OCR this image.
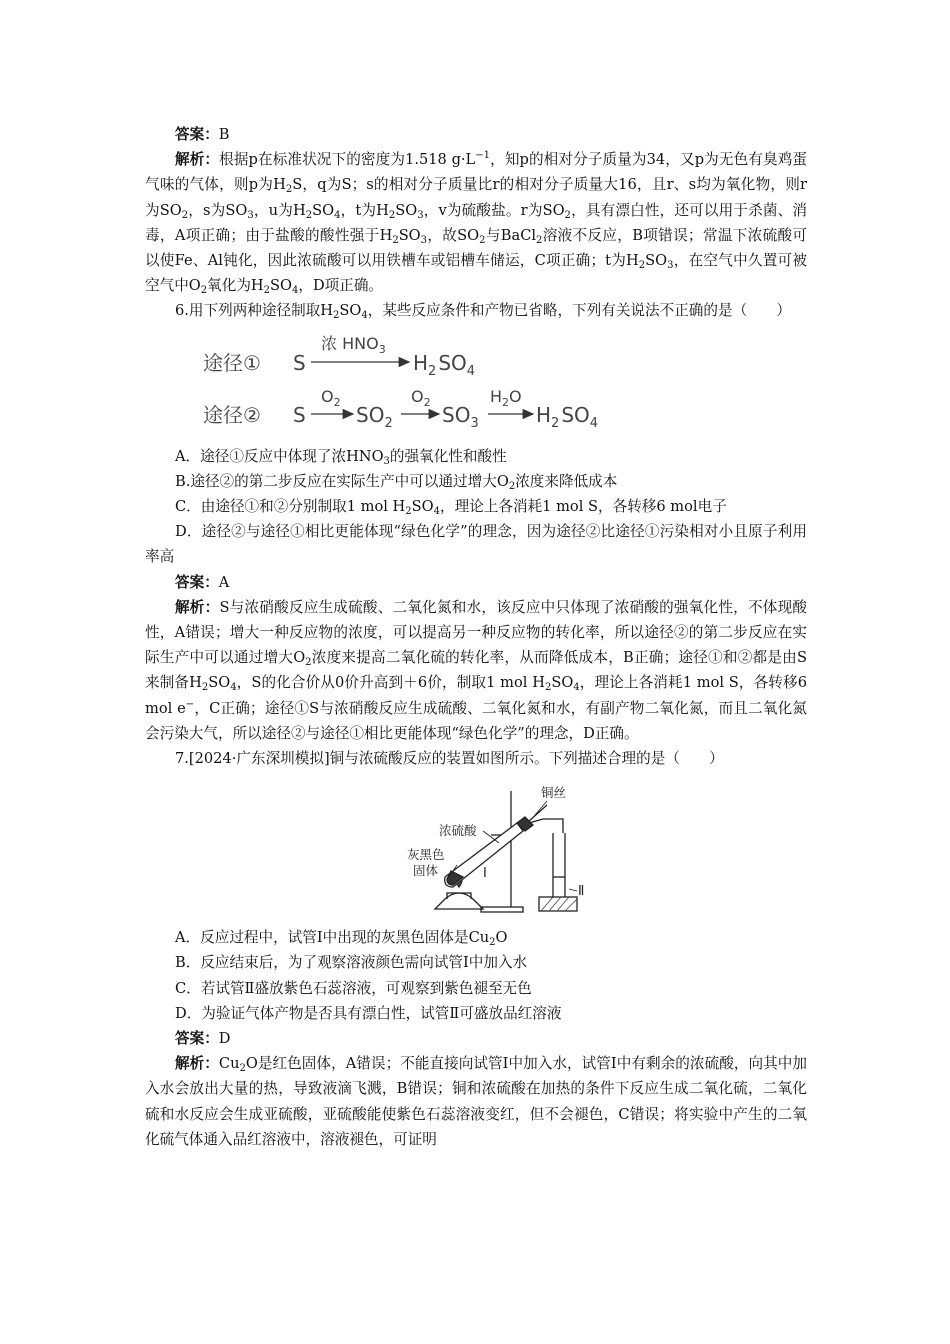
答案：B

解析：根据p在标准状况下的密度为1.518 $g\cdot L^{-1}$，知p的相对分子质量为34，又p为无色有臭鸡蛋气味的气体，则p为$H_2S$，q为S；s的相对分子质量比r的相对分子质量大16，且r、s均为氧化物，则r为$SO_2$，s为$SO_3$，u为$H_2SO_4$，t为$H_2SO_3$，v为硫酸盐。r为$SO_2$，具有漂白性，还可以用于杀菌、消毒，A项正确；由于盐酸的酸性强于$H_2SO_3$，故$SO_2$与BaCl$_2$溶液不反应，B项错误；常温下浓硫酸可以使Fe、Al钝化，因此浓硫酸可以用铁槽车或铝槽车储运，C项正确；t为$H_2SO_3$，在空气中久置可被空气中$O_2$氧化为$H_2SO_4$，D项正确。

6.用下列两种途径制取$H_2SO_4$，某些反应条件和产物已省略，下列有关说法不正确的是（　　）

途径① S
浓 $HNO_3$
$H_2$ $SO_4$
途径② S
$O_2$
$SO_2$
$O_2$
$SO_3$
$H_2O$
$H_2$ $SO_4$

A．途径①反应中体现了浓$HNO_3$的强氧化性和酸性

B.途径②的第二步反应在实际生产中可以通过增大$O_2$浓度来降低成本

C．由途径①和②分别制取1 mol $H_2SO_4$，理论上各消耗1 mol S，各转移6 mol电子

D．途径②与途径①相比更能体现“绿色化学”的理念，因为途径②比途径①污染相对小且原子利用率高

答案：A

解析：S与浓硝酸反应生成硫酸、二氧化氮和水，该反应中只体现了浓硝酸的强氧化性，不体现酸性，A错误；增大一种反应物的浓度，可以提高另一种反应物的转化率，所以途径②的第二步反应在实际生产中可以通过增大$O_2$浓度来提高二氧化硫的转化率，从而降低成本，B正确；途径①和②都是由S来制备$H_2SO_4$，S的化合价从0价升高到＋6价，制取1 mol $H_2SO_4$，理论上各消耗1 mol S，各转移6 mol e−，C正确；途径①S与浓硝酸反应生成硫酸、二氧化氮和水，有副产物二氧化氮，而且二氧化氮会污染大气，所以途径②与途径①相比更能体现“绿色化学”的理念，D正确。

7.[2024·广东深圳模拟]铜与浓硫酸反应的装置如图所示。下列描述合理的是（　　）

铜丝
浓硫酸
灰黑色
固体	Ⅰ
Ⅱ

A．反应过程中，试管Ⅰ中出现的灰黑色固体是$Cu_2O$

B．反应结束后，为了观察溶液颜色需向试管Ⅰ中加入水

C．若试管Ⅱ盛放紫色石蕊溶液，可观察到紫色褪至无色

D．为验证气体产物是否具有漂白性，试管Ⅱ可盛放品红溶液

答案：D

解析：$Cu_2O$是红色固体，A错误；不能直接向试管Ⅰ中加入水，试管Ⅰ中有剩余的浓硫酸，向其中加入水会放出大量的热，导致液滴飞溅，B错误；铜和浓硫酸在加热的条件下反应生成二氧化硫，二氧化硫和水反应会生成亚硫酸，亚硫酸能使紫色石蕊溶液变红，但不会褪色，C错误；将实验中产生的二氧化硫气体通入品红溶液中，溶液褪色，可证明
